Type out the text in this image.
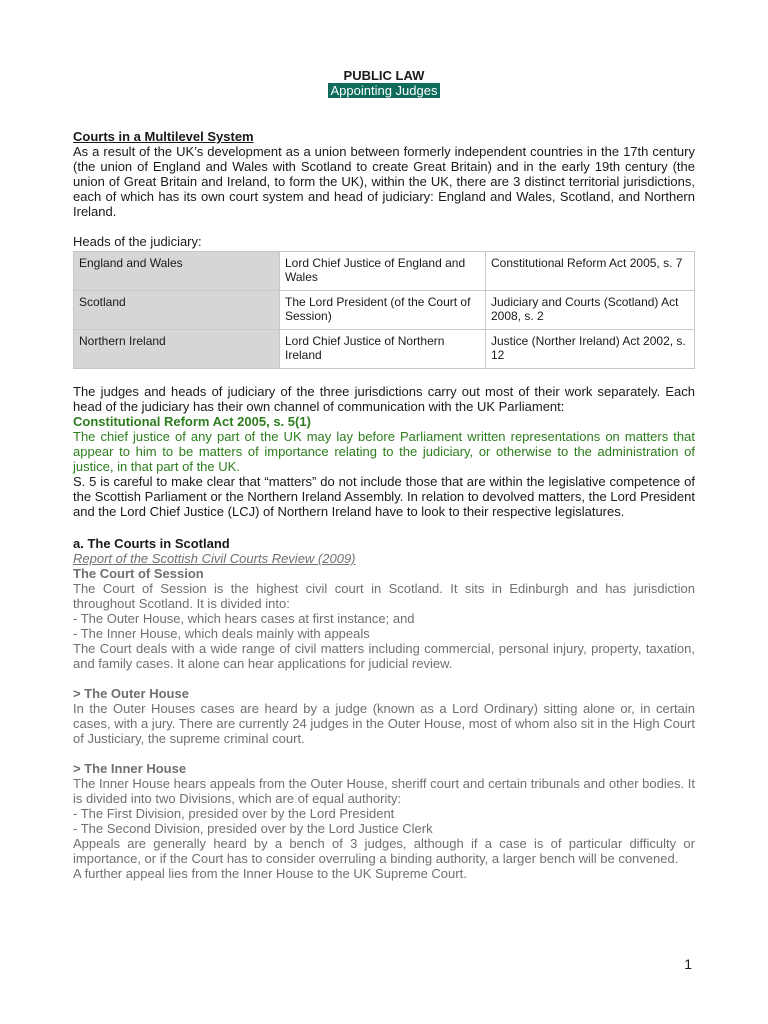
PUBLIC LAW
Appointing Judges
Courts in a Multilevel System

As a result of the UK’s development as a union between formerly independent countries in the 17th century (the union of England and Wales with Scotland to create Great Britain) and in the early 19th century (the union of Great Britain and Ireland, to form the UK), within the UK, there are 3 distinct territorial jurisdictions, each of which has its own court system and head of judiciary: England and Wales, Scotland, and Northern Ireland.

Heads of the judiciary:

England and Wales	Lord Chief Justice of England and Wales	Constitutional Reform Act 2005, s. 7
Scotland	The Lord President (of the Court of Session)	Judiciary and Courts (Scotland) Act 2008, s. 2
Northern Ireland	Lord Chief Justice of Northern Ireland	Justice (Norther Ireland) Act 2002, s. 12

The judges and heads of judiciary of the three jurisdictions carry out most of their work separately. Each head of the judiciary has their own channel of communication with the UK Parliament:

Constitutional Reform Act 2005, s. 5(1)

The chief justice of any part of the UK may lay before Parliament written representations on matters that appear to him to be matters of importance relating to the judiciary, or otherwise to the administration of justice, in that part of the UK.

S. 5 is careful to make clear that “matters” do not include those that are within the legislative competence of the Scottish Parliament or the Northern Ireland Assembly. In relation to devolved matters, the Lord President and the Lord Chief Justice (LCJ) of Northern Ireland have to look to their respective legislatures.

a. The Courts in Scotland

Report of the Scottish Civil Courts Review (2009)

The Court of Session

The Court of Session is the highest civil court in Scotland. It sits in Edinburgh and has jurisdiction throughout Scotland. It is divided into:

- The Outer House, which hears cases at first instance; and

- The Inner House, which deals mainly with appeals

The Court deals with a wide range of civil matters including commercial, personal injury, property, taxation, and family cases. It alone can hear applications for judicial review.

> The Outer House

In the Outer Houses cases are heard by a judge (known as a Lord Ordinary) sitting alone or, in certain cases, with a jury. There are currently 24 judges in the Outer House, most of whom also sit in the High Court of Justiciary, the supreme criminal court.

> The Inner House

The Inner House hears appeals from the Outer House, sheriff court and certain tribunals and other bodies. It is divided into two Divisions, which are of equal authority:

- The First Division, presided over by the Lord President

- The Second Division, presided over by the Lord Justice Clerk

Appeals are generally heard by a bench of 3 judges, although if a case is of particular difficulty or importance, or if the Court has to consider overruling a binding authority, a larger bench will be convened.

A further appeal lies from the Inner House to the UK Supreme Court.

1
